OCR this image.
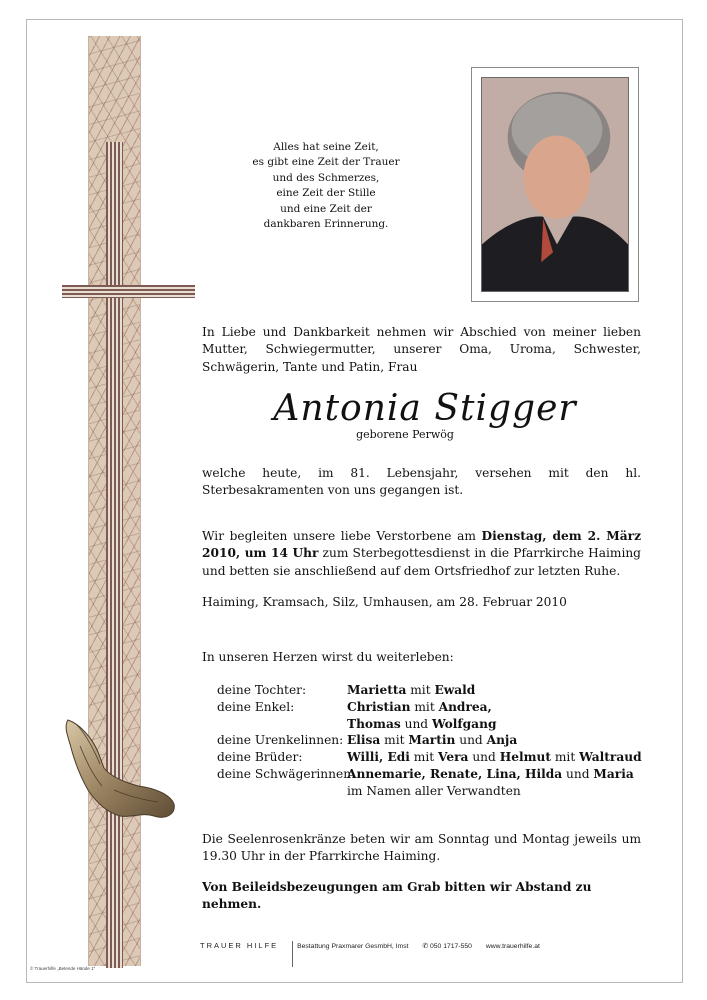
Alles hat seine Zeit,
es gibt eine Zeit der Trauer
und des Schmerzes,
eine Zeit der Stille
und eine Zeit der
dankbaren Erinnerung.

In Liebe und Dankbarkeit nehmen wir Abschied von meiner lieben Mutter, Schwiegermutter, unserer Oma, Uroma, Schwester, Schwägerin, Tante und Patin, Frau

Antonia Stigger
geborene Perwög

welche heute, im 81. Lebensjahr, versehen mit den hl. Sterbesakramenten von uns gegangen ist.

Wir begleiten unsere liebe Verstorbene am Dienstag, dem 2. März 2010, um 14 Uhr zum Sterbegottesdienst in die Pfarrkirche Haiming und betten sie anschließend auf dem Ortsfriedhof zur letzten Ruhe.

Haiming, Kramsach, Silz, Umhausen, am 28. Februar 2010

In unseren Herzen wirst du weiterleben:

deine Tochter:	Marietta mit Ewald
deine Enkel:	Christian mit Andrea,
Thomas und Wolfgang
deine Urenkelinnen: Elisa mit Martin und Anja
deine Brüder:	Willi, Edi mit Vera und Helmut mit Waltraud
deine Schwägerinnen:
Annemarie, Renate, Lina, Hilda und Maria
im Namen aller Verwandten

Die Seelenrosenkränze beten wir am Sonntag und Montag jeweils um 19.30 Uhr in der Pfarrkirche Haiming.

Von Beileidsbezeugungen am Grab bitten wir Abstand zu nehmen.

TRAUER HILFE	Bestattung Praxmarer GesmbH, Imst ✆ 050 1717-550 www.trauerhilfe.at
© Trauerhilfe „Betende Hände 1"
